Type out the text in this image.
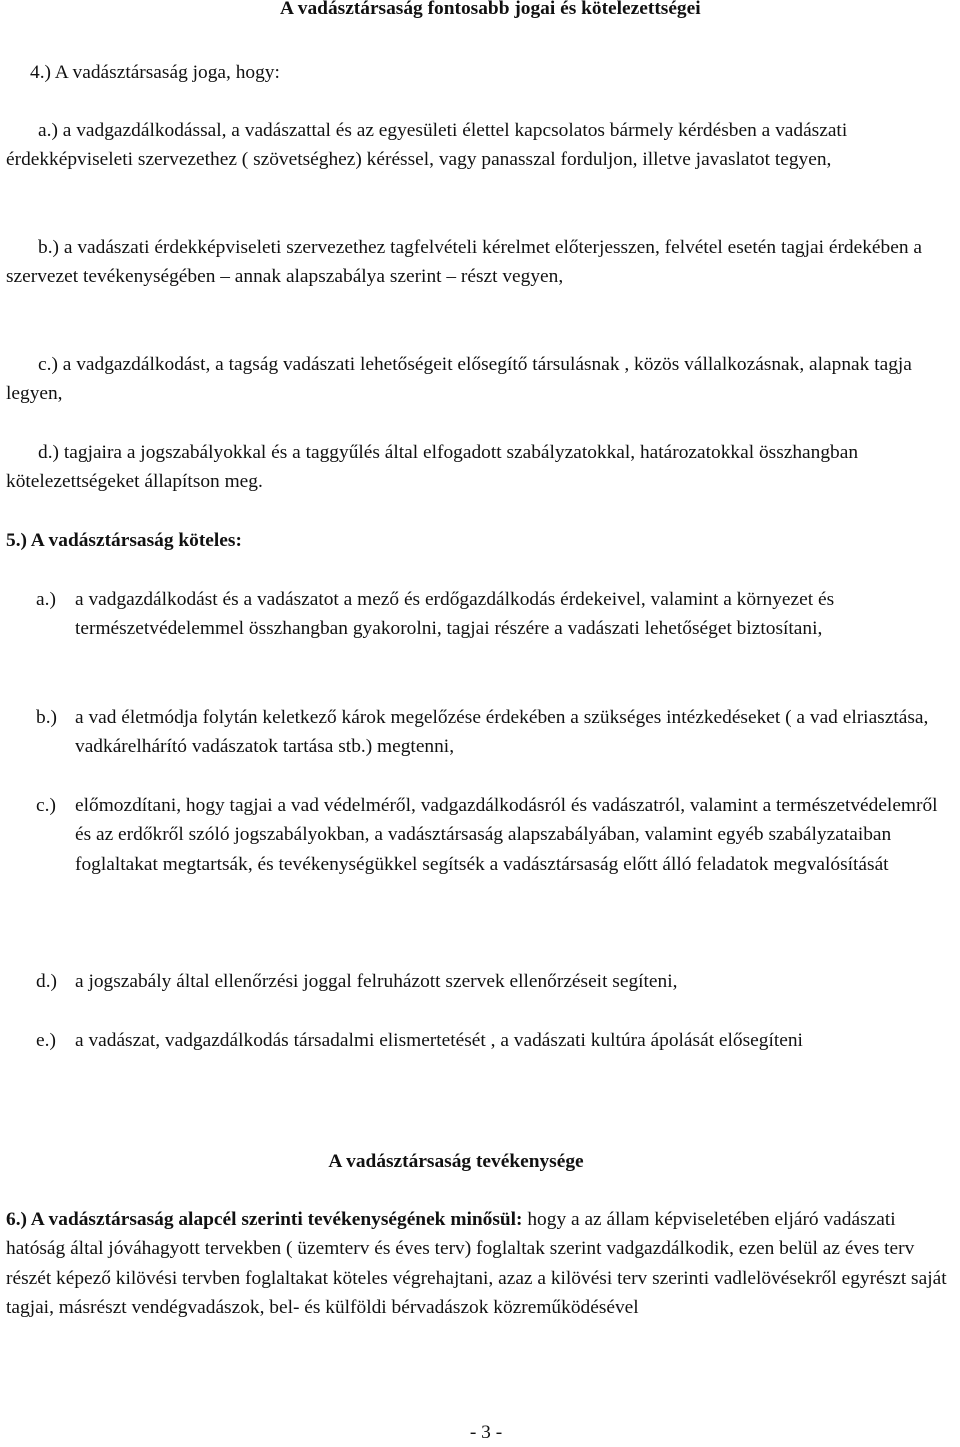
A vadásztársaság fontosabb jogai és kötelezettségei
4.) A vadásztársaság joga, hogy:

a.) a vadgazdálkodással, a vadászattal és az egyesületi élettel kapcsolatos bármely kérdésben a vadászati érdekképviseleti szervezethez ( szövetséghez) kéréssel, vagy panasszal forduljon, illetve javaslatot tegyen,

b.) a vadászati érdekképviseleti szervezethez tagfelvételi kérelmet előterjesszen, felvétel esetén tagjai érdekében a szervezet tevékenységében – annak alapszabálya szerint – részt vegyen,

c.) a vadgazdálkodást, a tagság vadászati lehetőségeit elősegítő társulásnak , közös vállalkozásnak, alapnak tagja legyen,

d.) tagjaira a jogszabályokkal és a taggyűlés által elfogadott szabályzatokkal, határozatokkal összhangban kötelezettségeket állapítson meg.

5.) A vadásztársaság köteles:
a.) a vadgazdálkodást és a vadászatot a mező és erdőgazdálkodás érdekeivel, valamint a környezet és természetvédelemmel összhangban gyakorolni, tagjai részére a vadászati lehetőséget biztosítani,
b.) a vad életmódja folytán keletkező károk megelőzése érdekében a szükséges intézkedéseket ( a vad elriasztása, vadkárelhárító vadászatok tartása stb.) megtenni,
c.) előmozdítani, hogy tagjai a vad védelméről, vadgazdálkodásról és vadászatról, valamint a természetvédelemről és az erdőkről szóló jogszabályokban, a vadásztársaság alapszabályában, valamint egyéb szabályzataiban foglaltakat megtartsák, és tevékenységükkel segítsék a vadásztársaság előtt álló feladatok megvalósítását
d.) a jogszabály által ellenőrzési joggal felruházott szervek ellenőrzéseit segíteni,
e.) a vadászat, vadgazdálkodás társadalmi elismertetését , a vadászati kultúra ápolását elősegíteni
A vadásztársaság tevékenysége

6.) A vadásztársaság alapcél szerinti tevékenységének minősül: hogy a az állam képviseletében eljáró vadászati hatóság által jóváhagyott tervekben ( üzemterv és éves terv) foglaltak szerint vadgazdálkodik, ezen belül az éves terv részét képező kilövési tervben foglaltakat köteles végrehajtani, azaz a kilövési terv szerinti vadlelövésekről egyrészt saját tagjai, másrészt vendégvadászok, bel- és külföldi bérvadászok közreműködésével

- 3 -
